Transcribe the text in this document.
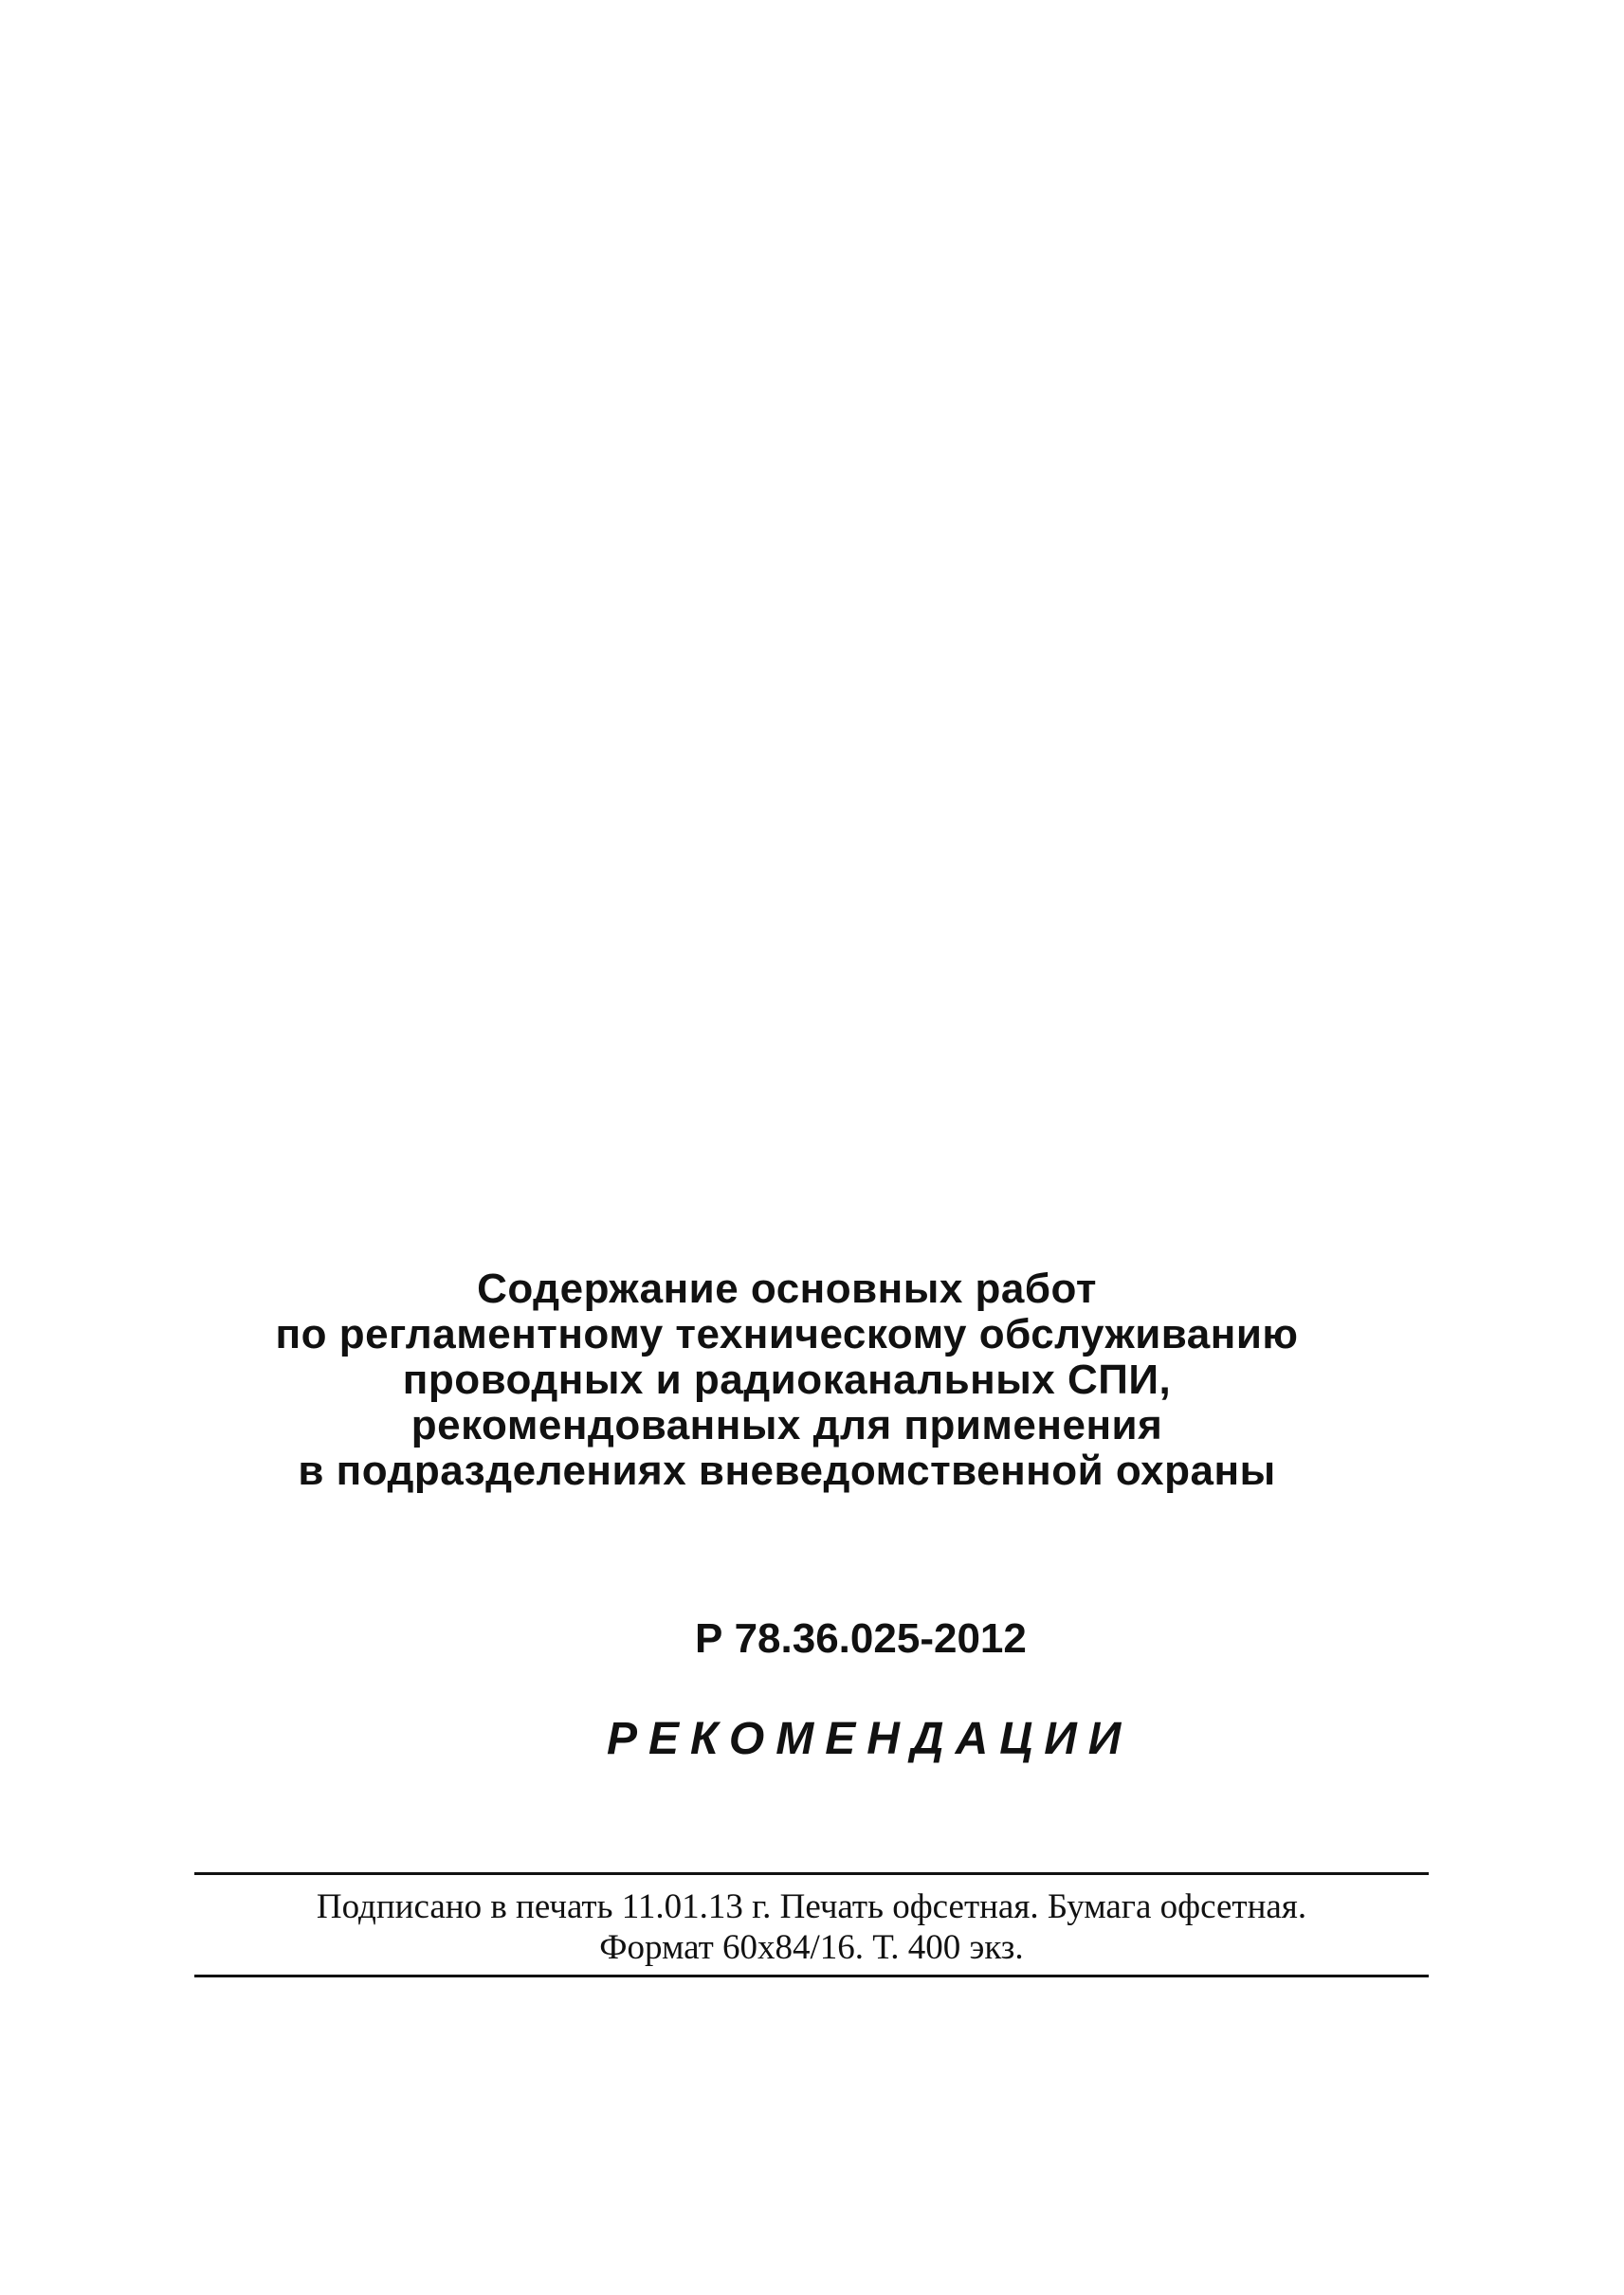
Содержание основных работ
по регламентному техническому обслуживанию
проводных и радиоканальных СПИ,
рекомендованных для применения
в подразделениях вневедомственной охраны
Р 78.36.025-2012
РЕКОМЕНДАЦИИ
Подписано в печать 11.01.13 г. Печать офсетная. Бумага офсетная.
Формат 60х84/16. Т. 400 экз.
